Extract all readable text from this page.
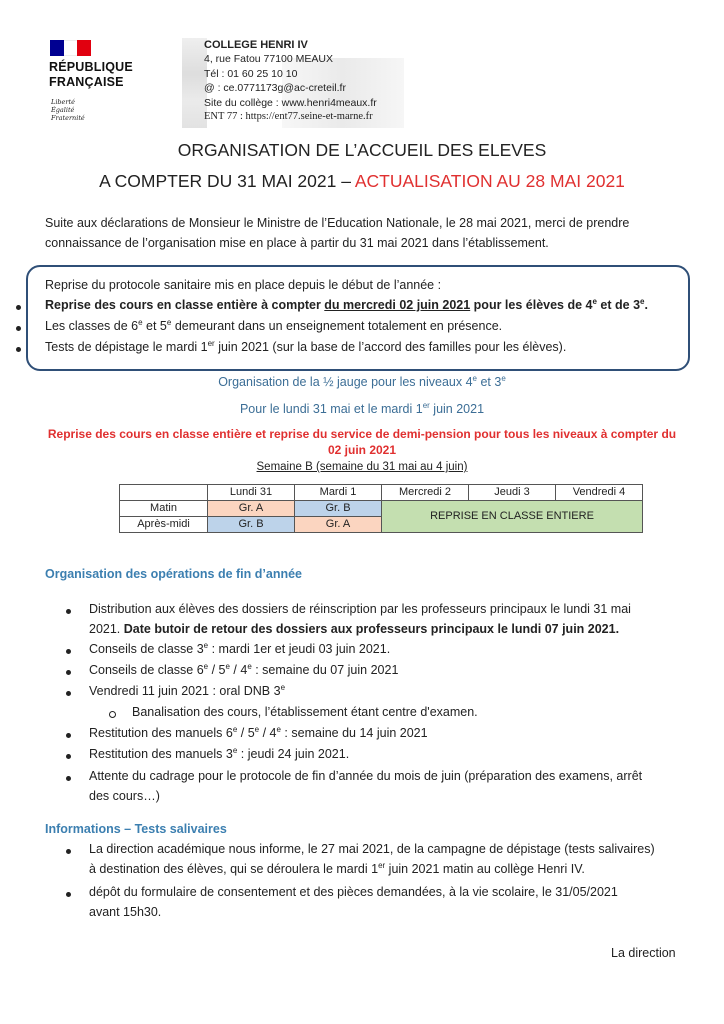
RÉPUBLIQUE
FRANÇAISE
Liberté
Égalité
Fraternité
COLLEGE HENRI IV
4, rue Fatou 77100 MEAUX
Tél : 01 60 25 10 10
@ : ce.0771173g@ac-creteil.fr
Site du collège : www.henri4meaux.fr
ENT 77 : https://ent77.seine-et-marne.fr
ORGANISATION DE L’ACCUEIL DES ELEVES
A COMPTER DU 31 MAI 2021 – ACTUALISATION AU 28 MAI 2021
Suite aux déclarations de Monsieur le Ministre de l’Education Nationale, le 28 mai 2021, merci de prendre
connaissance de l’organisation mise en place à partir du 31 mai 2021 dans l’établissement.
Reprise du protocole sanitaire mis en place depuis le début de l’année :
Reprise des cours en classe entière à compter du mercredi 02 juin 2021 pour les élèves de 4e et de 3e.
Les classes de 6e et 5e demeurant dans un enseignement totalement en présence.
Tests de dépistage le mardi 1er juin 2021 (sur la base de l’accord des familles pour les élèves).
Organisation de la ½ jauge pour les niveaux 4e et 3e
Pour le lundi 31 mai et le mardi 1er juin 2021
Reprise des cours en classe entière et reprise du service de demi-pension pour tous les niveaux à compter du
02 juin 2021
Semaine B (semaine du 31 mai au 4 juin)
	Lundi 31	Mardi 1	Mercredi 2	Jeudi 3	Vendredi 4
Matin	Gr. A	Gr. B	REPRISE EN CLASSE ENTIERE		
Après-midi	Gr. B	Gr. A			
Organisation des opérations de fin d’année
Distribution aux élèves des dossiers de réinscription par les professeurs principaux le lundi 31 mai
2021. Date butoir de retour des dossiers aux professeurs principaux le lundi 07 juin 2021.
Conseils de classe 3e : mardi 1er et jeudi 03 juin 2021.
Conseils de classe 6e / 5e / 4e : semaine du 07 juin 2021
Vendredi 11 juin 2021 : oral DNB 3e
Banalisation des cours, l’établissement étant centre d'examen.
Restitution des manuels 6e / 5e / 4e : semaine du 14 juin 2021
Restitution des manuels 3e : jeudi 24 juin 2021.
Attente du cadrage pour le protocole de fin d’année du mois de juin (préparation des examens, arrêt
des cours…)
Informations – Tests salivaires
La direction académique nous informe, le 27 mai 2021, de la campagne de dépistage (tests salivaires)
à destination des élèves, qui se déroulera le mardi 1er juin 2021 matin au collège Henri IV.
dépôt du formulaire de consentement et des pièces demandées, à la vie scolaire, le 31/05/2021
avant 15h30.
La direction
